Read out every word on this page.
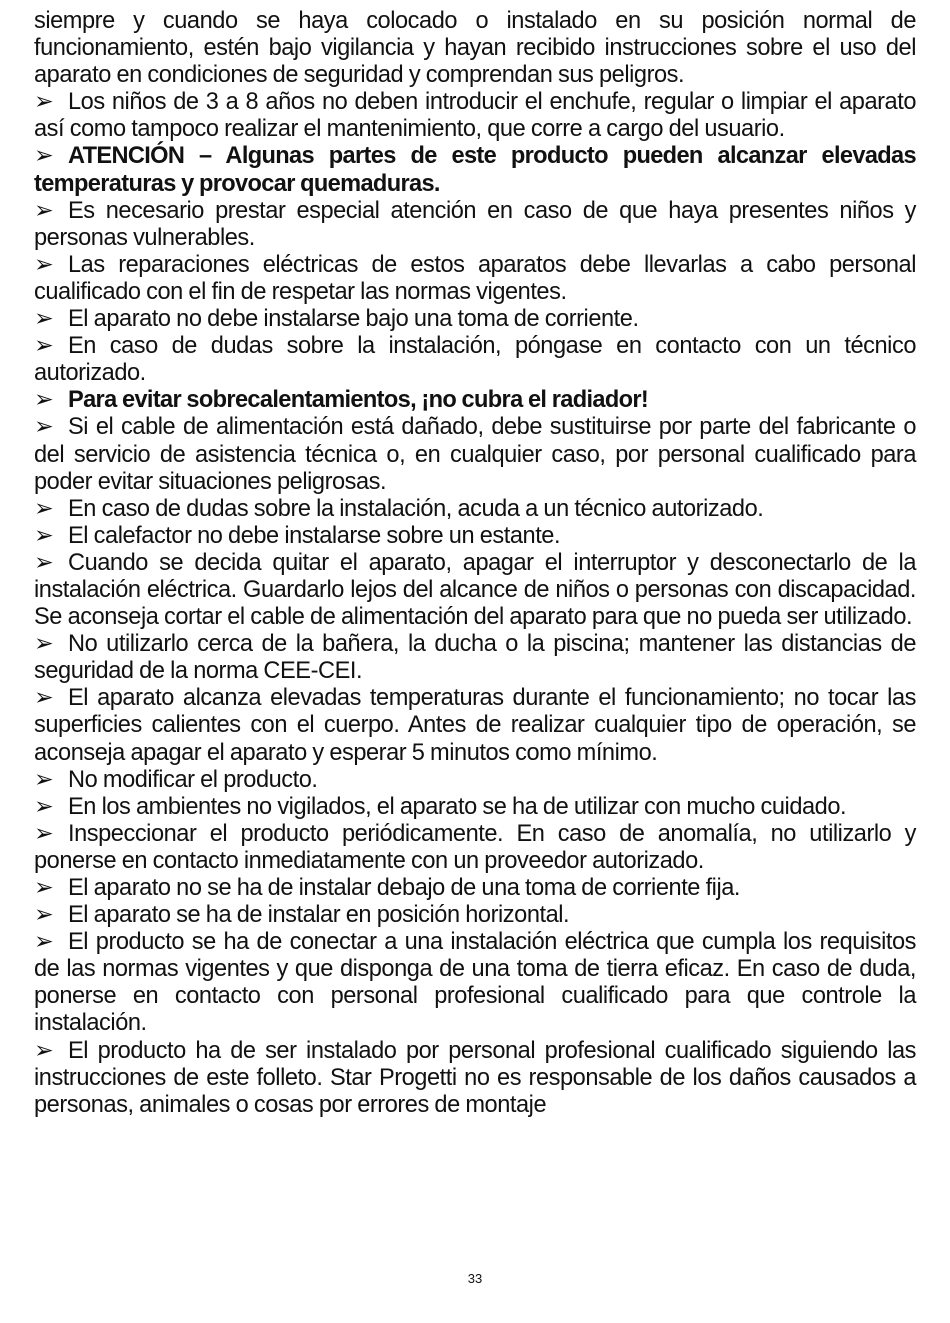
siempre y cuando se haya colocado o instalado en su posición normal de funcionamiento, estén bajo vigilancia y hayan recibido instrucciones sobre el uso del aparato en condiciones de seguridad y comprendan sus peligros.

➢ Los niños de 3 a 8 años no deben introducir el enchufe, regular o limpiar el aparato así como tampoco realizar el mantenimiento, que corre a cargo del usuario.

➢ ATENCIÓN – Algunas partes de este producto pueden alcanzar elevadas temperaturas y provocar quemaduras.

➢ Es necesario prestar especial atención en caso de que haya presentes niños y personas vulnerables.

➢ Las reparaciones eléctricas de estos aparatos debe llevarlas a cabo personal cualificado con el fin de respetar las normas vigentes.

➢ El aparato no debe instalarse bajo una toma de corriente.

➢ En caso de dudas sobre la instalación, póngase en contacto con un técnico autorizado.

➢ Para evitar sobrecalentamientos, ¡no cubra el radiador!

➢ Si el cable de alimentación está dañado, debe sustituirse por parte del fabricante o del servicio de asistencia técnica o, en cualquier caso, por personal cualificado para poder evitar situaciones peligrosas.

➢ En caso de dudas sobre la instalación, acuda a un técnico autorizado.

➢ El calefactor no debe instalarse sobre un estante.

➢ Cuando se decida quitar el aparato, apagar el interruptor y desconectarlo de la instalación eléctrica. Guardarlo lejos del alcance de niños o personas con discapacidad. Se aconseja cortar el cable de alimentación del aparato para que no pueda ser utilizado.

➢ No utilizarlo cerca de la bañera, la ducha o la piscina; mantener las distancias de seguridad de la norma CEE-CEI.

➢ El aparato alcanza elevadas temperaturas durante el funcionamiento; no tocar las superficies calientes con el cuerpo. Antes de realizar cualquier tipo de operación, se aconseja apagar el aparato y esperar 5 minutos como mínimo.

➢ No modificar el producto.

➢ En los ambientes no vigilados, el aparato se ha de utilizar con mucho cuidado.

➢ Inspeccionar el producto periódicamente. En caso de anomalía, no utilizarlo y ponerse en contacto inmediatamente con un proveedor autorizado.

➢ El aparato no se ha de instalar debajo de una toma de corriente fija.

➢ El aparato se ha de instalar en posición horizontal.

➢ El producto se ha de conectar a una instalación eléctrica que cumpla los requisitos de las normas vigentes y que disponga de una toma de tierra eficaz. En caso de duda, ponerse en contacto con personal profesional cualificado para que controle la instalación.

➢ El producto ha de ser instalado por personal profesional cualificado siguiendo las instrucciones de este folleto. Star Progetti no es responsable de los daños causados a personas, animales o cosas por errores de montaje

33
